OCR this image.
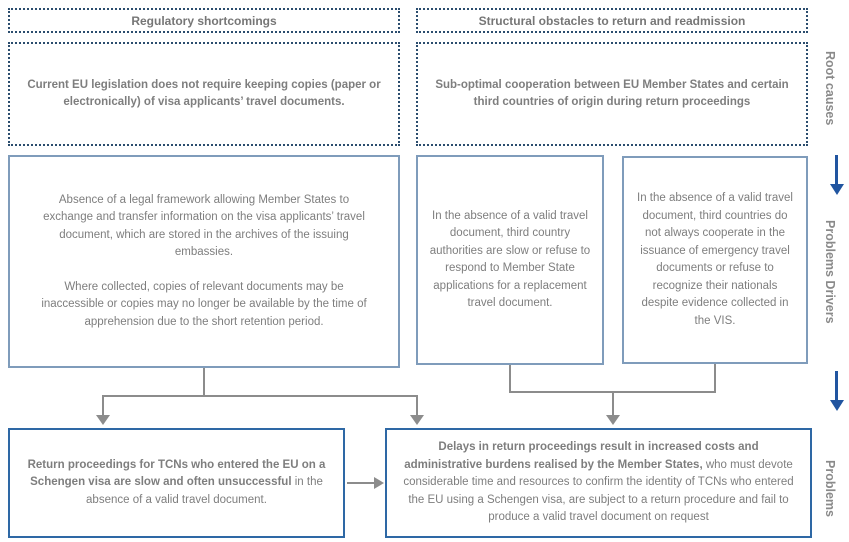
Regulatory shortcomings	Structural obstacles to return and readmission
Current EU legislation does not require keeping copies (paper or electronically) of visa applicants’ travel documents.
Sub-optimal cooperation between EU Member States and certain third countries of origin during return proceedings

Absence of a legal framework allowing Member States to exchange and transfer information on the visa applicants’ travel document, which are stored in the archives of the issuing embassies.

Where collected, copies of relevant documents may be inaccessible or copies may no longer be available by the time of apprehension due to the short retention period.

In the absence of a valid travel document, third country authorities are slow or refuse to respond to Member State applications for a replacement travel document.
In the absence of a valid travel document, third countries do not always cooperate in the issuance of emergency travel documents or refuse to recognize their nationals despite evidence collected in the VIS.
Return proceedings for TCNs who entered the EU on a Schengen visa are slow and often unsuccessful in the absence of a valid travel document.
Delays in return proceedings result in increased costs and administrative burdens realised by the Member States, who must devote considerable time and resources to confirm the identity of TCNs who entered the EU using a Schengen visa, are subject to a return procedure and fail to produce a valid travel document on request
Root causes
Problems Drivers
Problems
